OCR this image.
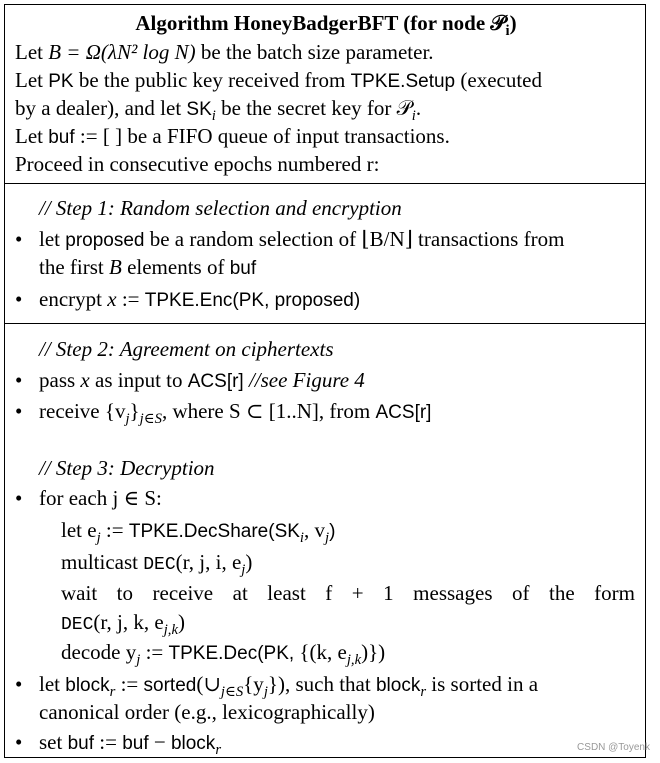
Algorithm HoneyBadgerBFT (for node 𝒫$_i$)
Let B = Ω(λN² log N) be the batch size parameter.
Let PK be the public key received from TPKE.Setup (executed
by a dealer), and let $SK_i$ be the secret key for 𝒫$_i$.
Let buf := [ ] be a FIFO queue of input transactions.
Proceed in consecutive epochs numbered r:
// Step 1: Random selection and encryption
• let proposed be a random selection of ⌊B/N⌋ transactions from
the first B elements of buf
• encrypt x := TPKE.Enc(PK, proposed)
// Step 2: Agreement on ciphertexts
• pass x as input to ACS[r] //see Figure 4
• receive $\{v_j\}_{j\in S}$, where S ⊂ [1..N], from ACS[r]
// Step 3: Decryption
• for each j ∈ S:
let $e_j$ := $TPKE.DecShare(SK_i$, $v_j$)
multicast DEC(r, j, i, $e_j$)
wait to receive at least f + 1 messages of the form
DEC(r, j, k, $e_{j,k}$)
decode $y_j$ := TPKE.Dec(PK, {(k, $e_{j,k}$)})
• let block$_r$ := $sorted(\cup_{j\in S}\{y_j\})$, such that block$_r$ is sorted in a
canonical order (e.g., lexicographically)
• set buf := buf − block$_r$	CSDN @Toyenk
